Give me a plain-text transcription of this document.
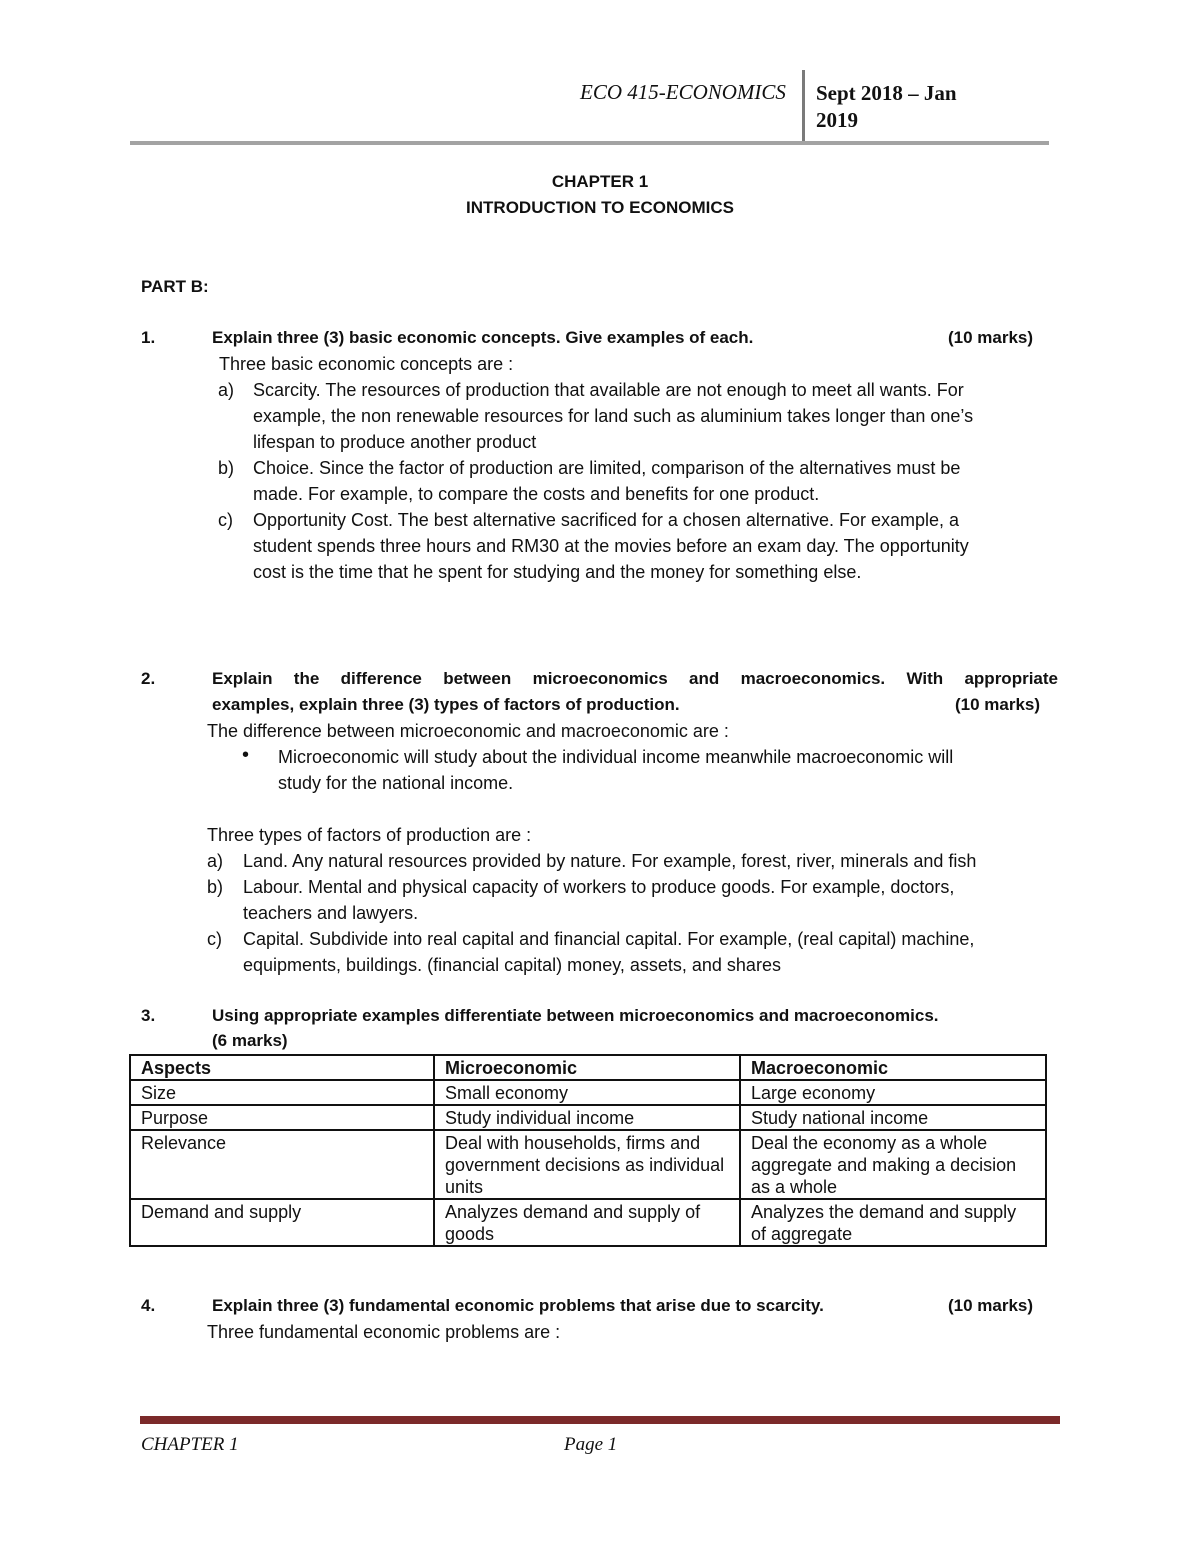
ECO 415-ECONOMICS Sept 2018 – Jan
2019
CHAPTER 1
INTRODUCTION TO ECONOMICS
PART B:
1.	Explain three (3) basic economic concepts. Give examples of each.	(10 marks)
Three basic economic concepts are :
a) Scarcity. The resources of production that available are not enough to meet all wants. For
example, the non renewable resources for land such as aluminium takes longer than one’s
lifespan to produce another product
b) Choice. Since the factor of production are limited, comparison of the alternatives must be
made. For example, to compare the costs and benefits for one product.
c) Opportunity Cost. The best alternative sacrificed for a chosen alternative. For example, a
student spends three hours and RM30 at the movies before an exam day. The opportunity
cost is the time that he spent for studying and the money for something else.
2.	Explain the difference between microeconomics and macroeconomics. With appropriate
examples, explain three (3) types of factors of production.	(10 marks)
The difference between microeconomic and macroeconomic are :
• Microeconomic will study about the individual income meanwhile macroeconomic will
study for the national income.
Three types of factors of production are :
a) Land. Any natural resources provided by nature. For example, forest, river, minerals and fish
b) Labour. Mental and physical capacity of workers to produce goods. For example, doctors,
teachers and lawyers.
c) Capital. Subdivide into real capital and financial capital. For example, (real capital) machine,
equipments, buildings. (financial capital) money, assets, and shares
3.	Using appropriate examples differentiate between microeconomics and macroeconomics.
(6 marks)
Aspects	Microeconomic	Macroeconomic
Size	Small economy	Large economy
Purpose	Study individual income	Study national income
Relevance	Deal with households, firms and government decisions as individual units	Deal the economy as a whole aggregate and making a decision as a whole
Demand and supply	Analyzes demand and supply of goods	Analyzes the demand and supply of aggregate
4.	Explain three (3) fundamental economic problems that arise due to scarcity.	(10 marks)
Three fundamental economic problems are :
CHAPTER 1	Page 1
